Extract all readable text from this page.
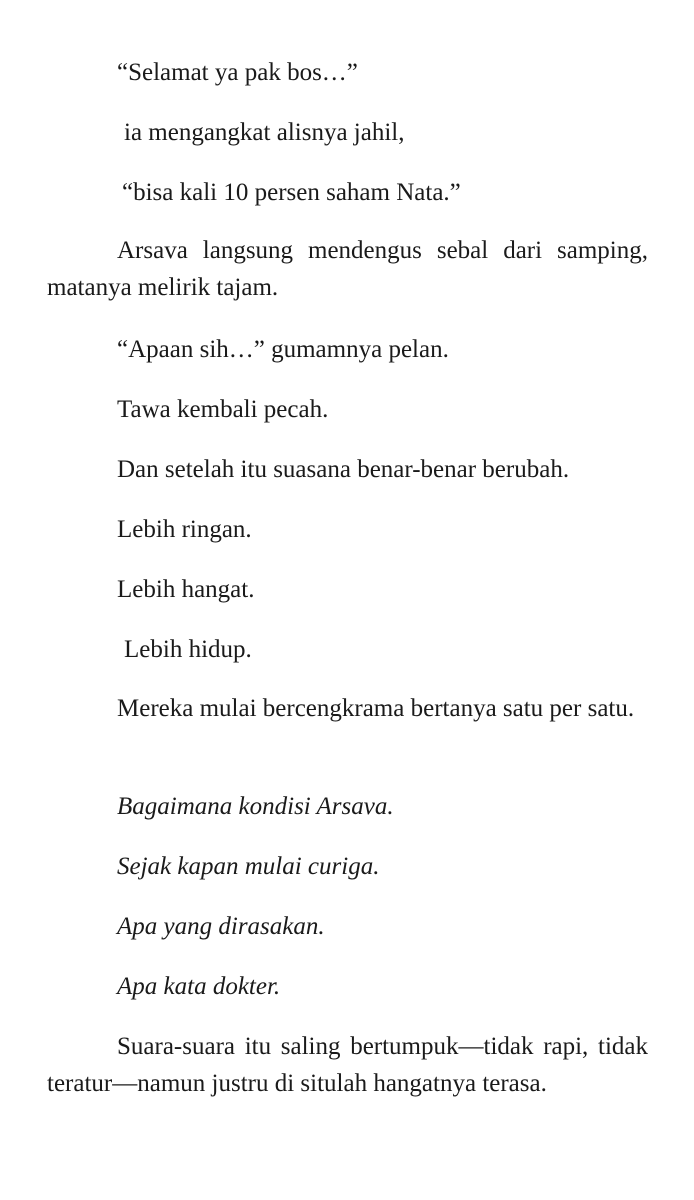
“Selamat ya pak bos…”

ia mengangkat alisnya jahil,

“bisa kali 10 persen saham Nata.”

Arsava langsung mendengus sebal dari samping, matanya melirik tajam.

“Apaan sih…” gumamnya pelan.

Tawa kembali pecah.

Dan setelah itu suasana benar-benar berubah.

Lebih ringan.

Lebih hangat.

Lebih hidup.

Mereka mulai bercengkrama bertanya satu per satu.

Bagaimana kondisi Arsava.

Sejak kapan mulai curiga.

Apa yang dirasakan.

Apa kata dokter.

Suara-suara itu saling bertumpuk—tidak rapi, tidak teratur—namun justru di situlah hangatnya terasa.
